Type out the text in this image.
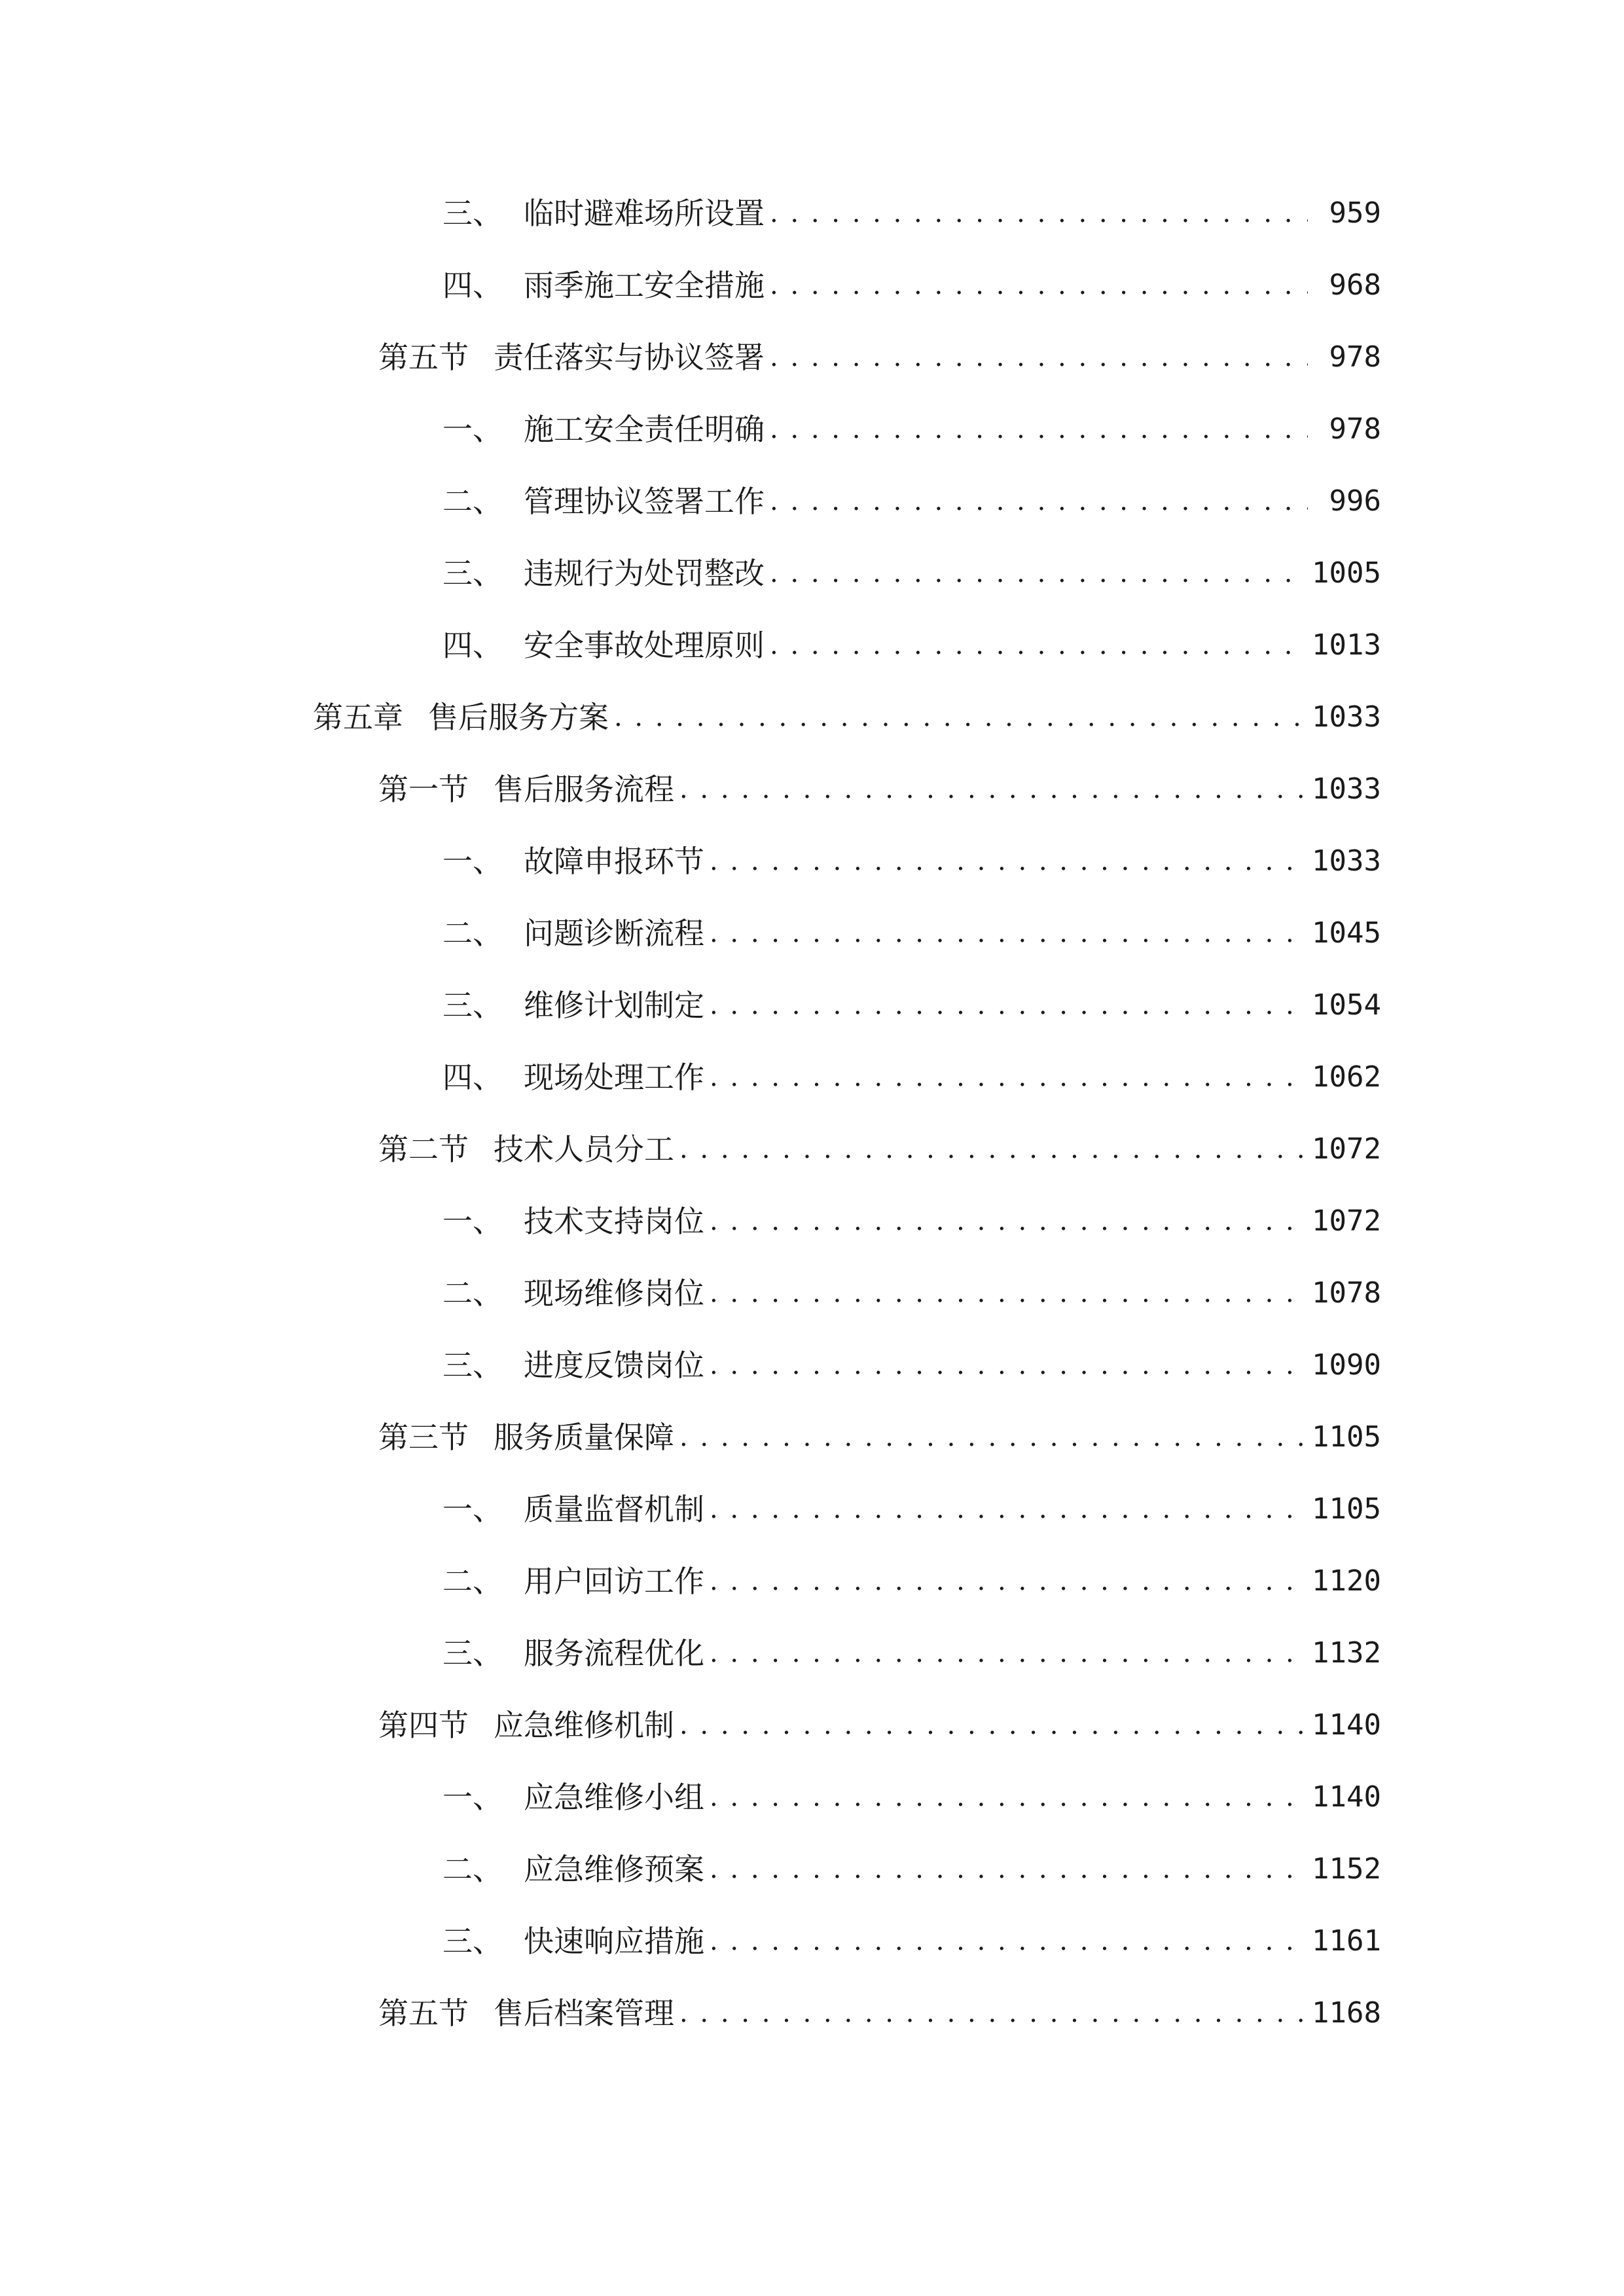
三、 临时避难场所设置 . . .	959
四、 雨季施工安全措施 . . .	968
第五节 责任落实与协议签署 . . .	978
一、 施工安全责任明确 . . .	978
二、 管理协议签署工作 . . .	996
三、 违规行为处罚整改 . . .	1005
四、 安全事故处理原则 . . .	1013
第五章 售后服务方案 . . .	1033
第一节 售后服务流程 . . .	1033
一、 故障申报环节 . . .	1033
二、 问题诊断流程 . . .	1045
三、 维修计划制定 . . .	1054
四、 现场处理工作 . . .	1062
第二节 技术人员分工 . . .	1072
一、 技术支持岗位 . . .	1072
二、 现场维修岗位 . . .	1078
三、 进度反馈岗位 . . .	1090
第三节 服务质量保障 . . .	1105
一、 质量监督机制 . . .	1105
二、 用户回访工作 . . .	1120
三、 服务流程优化 . . .	1132
第四节 应急维修机制 . . .	1140
一、 应急维修小组 . . .	1140
二、 应急维修预案 . . .	1152
三、 快速响应措施 . . .	1161
第五节 售后档案管理 . . .	1168
